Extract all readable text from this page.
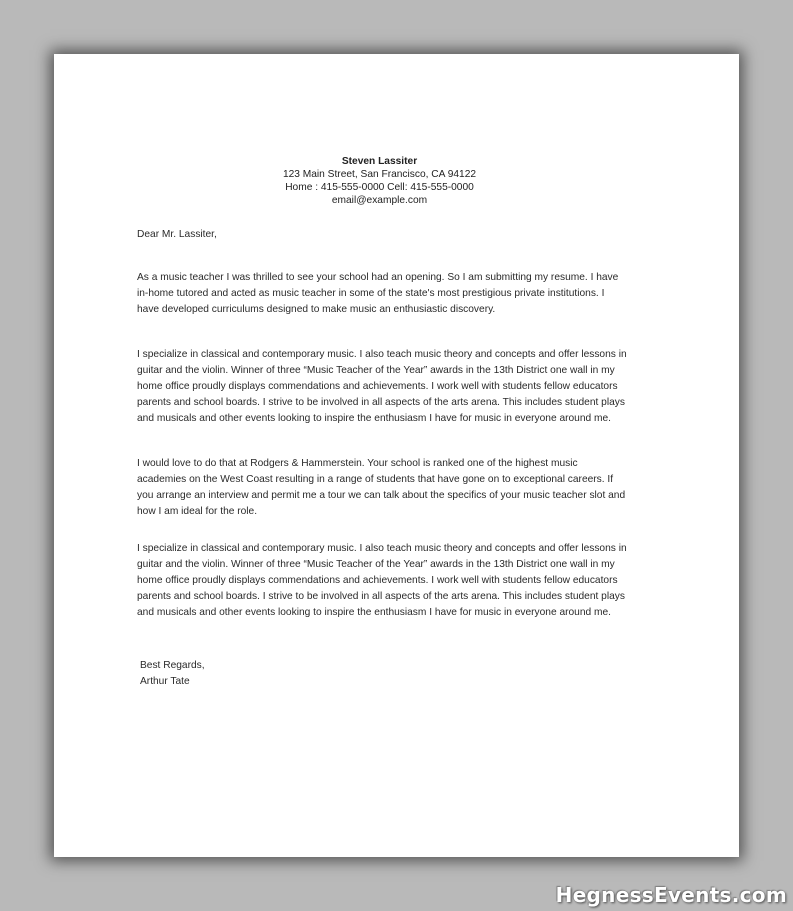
Steven Lassiter
123 Main Street, San Francisco, CA 94122
Home : 415-555-0000 Cell: 415-555-0000
email@example.com
Dear Mr. Lassiter,
As a music teacher I was thrilled to see your school had an opening. So I am submitting my resume. I have
in-home tutored and acted as music teacher in some of the state's most prestigious private institutions. I
have developed curriculums designed to make music an enthusiastic discovery.
I specialize in classical and contemporary music. I also teach music theory and concepts and offer lessons in
guitar and the violin. Winner of three “Music Teacher of the Year” awards in the 13th District one wall in my
home office proudly displays commendations and achievements. I work well with students fellow educators
parents and school boards. I strive to be involved in all aspects of the arts arena. This includes student plays
and musicals and other events looking to inspire the enthusiasm I have for music in everyone around me.
I would love to do that at Rodgers & Hammerstein. Your school is ranked one of the highest music
academies on the West Coast resulting in a range of students that have gone on to exceptional careers. If
you arrange an interview and permit me a tour we can talk about the specifics of your music teacher slot and
how I am ideal for the role.
I specialize in classical and contemporary music. I also teach music theory and concepts and offer lessons in
guitar and the violin. Winner of three “Music Teacher of the Year” awards in the 13th District one wall in my
home office proudly displays commendations and achievements. I work well with students fellow educators
parents and school boards. I strive to be involved in all aspects of the arts arena. This includes student plays
and musicals and other events looking to inspire the enthusiasm I have for music in everyone around me.
Best Regards,
Arthur Tate
HegnessEvents.com
